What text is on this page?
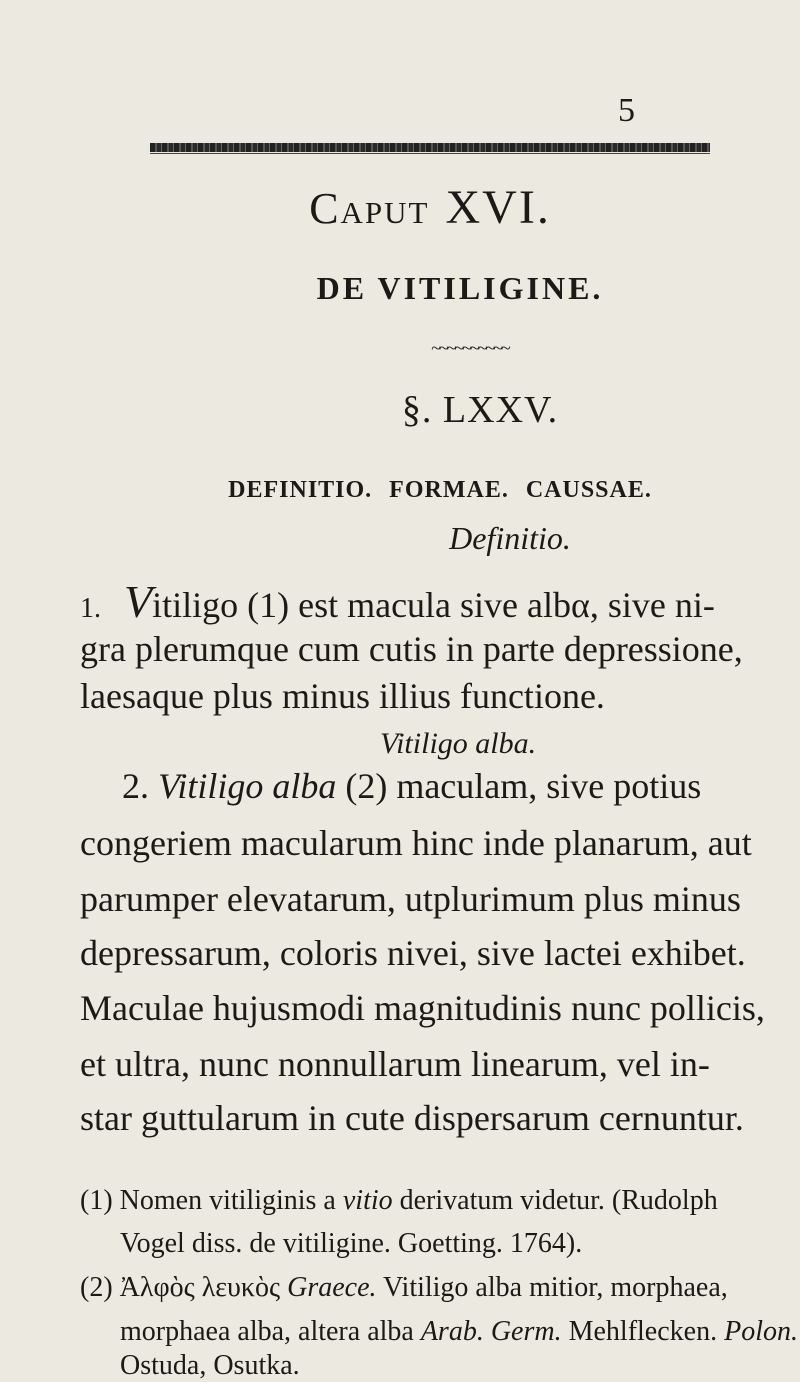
5
Caput XVI.
DE VITILIGINE.
~~~~~~~~~~
§. LXXV.
DEFINITIO. FORMAE. CAUSSAE.
Definitio.
1. Vitiligo (1) est macula sive albα, sive ni-
gra plerumque cum cutis in parte depressione,
laesaque plus minus illius functione.
Vitiligo alba.
2. Vitiligo alba (2) maculam, sive potius
congeriem macularum hinc inde planarum, aut
parumper elevatarum, utplurimum plus minus
depressarum, coloris nivei, sive lactei exhibet.
Maculae hujusmodi magnitudinis nunc pollicis,
et ultra, nunc nonnullarum linearum, vel in-
star guttularum in cute dispersarum cernuntur.
(1) Nomen vitiliginis a vitio derivatum videtur. (Rudolph
Vogel diss. de vitiligine. Goetting. 1764).
(2) Ἀλφὸς λευκὸς Graece. Vitiligo alba mitior, morphaea,
morphaea alba, altera alba Arab. Germ. Mehlflecken. Polon.
Ostuda, Osutka.
